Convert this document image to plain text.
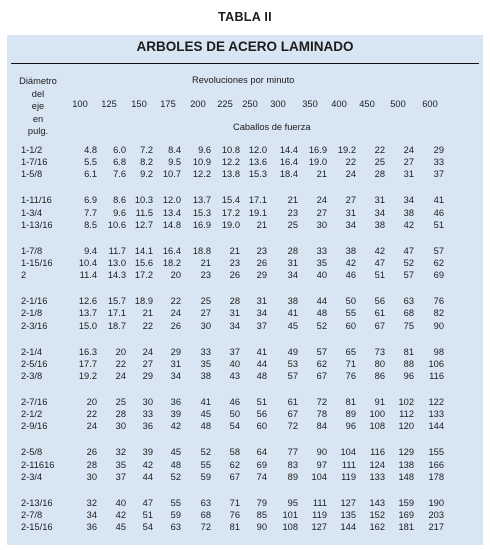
TABLA II
ARBOLES DE ACERO LAMINADO
Diámetro
del
eje
en
pulg.
Revoluciones por minuto
Caballos de fuerza
100	125	150	175	200	225	250	300	350	400	450	500	600
1-1/2	4.8	6.0	7.2	8.4	9.6	10.8 12.0	14.4	16.9	19.2	22	24	29
1-7/16	5.5	6.8	8.2	9.5	10.9	12.2 13.6	16.4	19.0	22	25	27	33
1-5/8	6.1	7.6	9.2	10.7	12.2	13.8 15.3	18.4	21	24	28	31	37
1-11/16	6.9	8.6 10.3	12.0	13.7	15.4 17.1	21	24	27	31	34	41
1-3/4	7.7	9.6	11.5	13.4	15.3	17.2 19.1	23	27	31	34	38	46
1-13/16	8.5	10.6 12.7	14.8	16.9	19.0	21	25	30	34	38	42	51
1-7/8	9.4	11.7 14.1	16.4	18.8	21	23	28	33	38	42	47	57
1-15/16	10.4	13.0 15.6	18.2	21	23	26	31	35	42	47	52	62
2	11.4	14.3 17.2	20	23	26	29	34	40	46	51	57	69
2-1/16	12.6	15.7 18.9	22	25	28	31	38	44	50	56	63	76
2-1/8	13.7	17.1	21	24	27	31	34	41	48	55	61	68	82
2-3/16	15.0	18.7	22	26	30	34	37	45	52	60	67	75	90
2-1/4	16.3	20	24	29	33	37	41	49	57	65	73	81	98
2-5/16	17.7	22	27	31	35	40	44	53	62	71	80	88	106
2-3/8	19.2	24	29	34	38	43	48	57	67	76	86	96	116
2-7/16	20	25	30	36	41	46	51	61	72	81	91	102	122
2-1/2	22	28	33	39	45	50	56	67	78	89	100	112	133
2-9/16	24	30	36	42	48	54	60	72	84	96	108	120	144
2-5/8	26	32	39	45	52	58	64	77	90	104	116	129	155
2-11616	28	35	42	48	55	62	69	83	97	111	124	138	166
2-3/4	30	37	44	52	59	67	74	89	104	119	133	148	178
2-13/16	32	40	47	55	63	71	79	95	111	127	143	159	190
2-7/8	34	42	51	59	68	76	85	101	119	135	152	169	203
2-15/16	36	45	54	63	72	81	90	108	127	144	162	181	217
